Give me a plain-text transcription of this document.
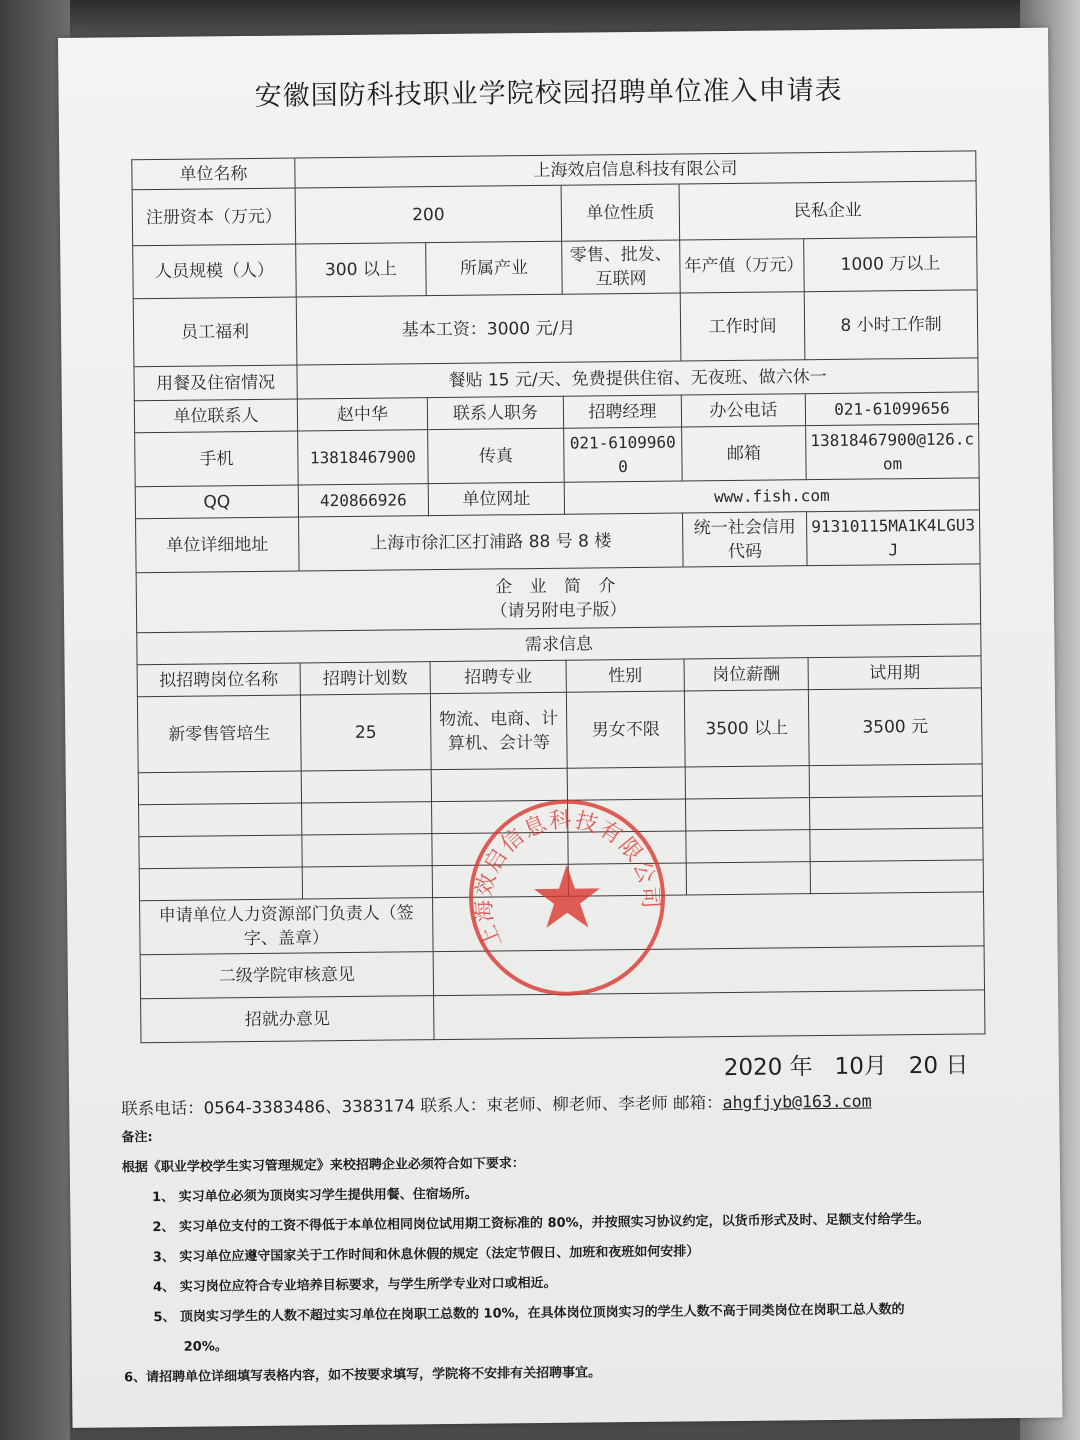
安徽国防科技职业学院校园招聘单位准入申请表
单位名称	上海效启信息科技有限公司				
注册资本（万元）	200		单位性质	民私企业	
人员规模（人）	300 以上	所属产业	零售、批发、互联网	年产值（万元）	1000 万以上
员工福利	基本工资：3000 元/月			工作时间	8 小时工作制
用餐及住宿情况	餐贴 15 元/天、免费提供住宿、无夜班、做六休一				
单位联系人	赵中华	联系人职务	招聘经理	办公电话	021-61099656
手机	13818467900	传真	021-61099600	邮箱	13818467900@126.com
QQ	420866926	单位网址	www.fish.com		
单位详细地址	上海市徐汇区打浦路 88 号 8 楼			统一社会信用代码	91310115MA1K4LGU3J

企 业 简 介
（请另附电子版）					

需求信息					
拟招聘岗位名称	招聘计划数	招聘专业	性别	岗位薪酬	试用期
新零售管培生	25	物流、电商、计算机、会计等	男女不限	3500 以上	3500 元

申请单位人力资源部门负责人（签字、盖章）					
二级学院审核意见					
招就办意见					
上海效启信息科技有限公司
2020 年 10月 20 日
联系电话：0564-3383486、3383174 联系人：束老师、柳老师、李老师 邮箱：ahgfjyb@163.com
备注:
根据《职业学校学生实习管理规定》来校招聘企业必须符合如下要求：
1、 实习单位必须为顶岗实习学生提供用餐、住宿场所。
2、 实习单位支付的工资不得低于本单位相同岗位试用期工资标准的 80%，并按照实习协议约定，以货币形式及时、足额支付给学生。
3、 实习单位应遵守国家关于工作时间和休息休假的规定（法定节假日、加班和夜班如何安排）
4、 实习岗位应符合专业培养目标要求，与学生所学专业对口或相近。
5、 顶岗实习学生的人数不超过实习单位在岗职工总数的 10%，在具体岗位顶岗实习的学生人数不高于同类岗位在岗职工总人数的
20%。
6、请招聘单位详细填写表格内容，如不按要求填写，学院将不安排有关招聘事宜。
